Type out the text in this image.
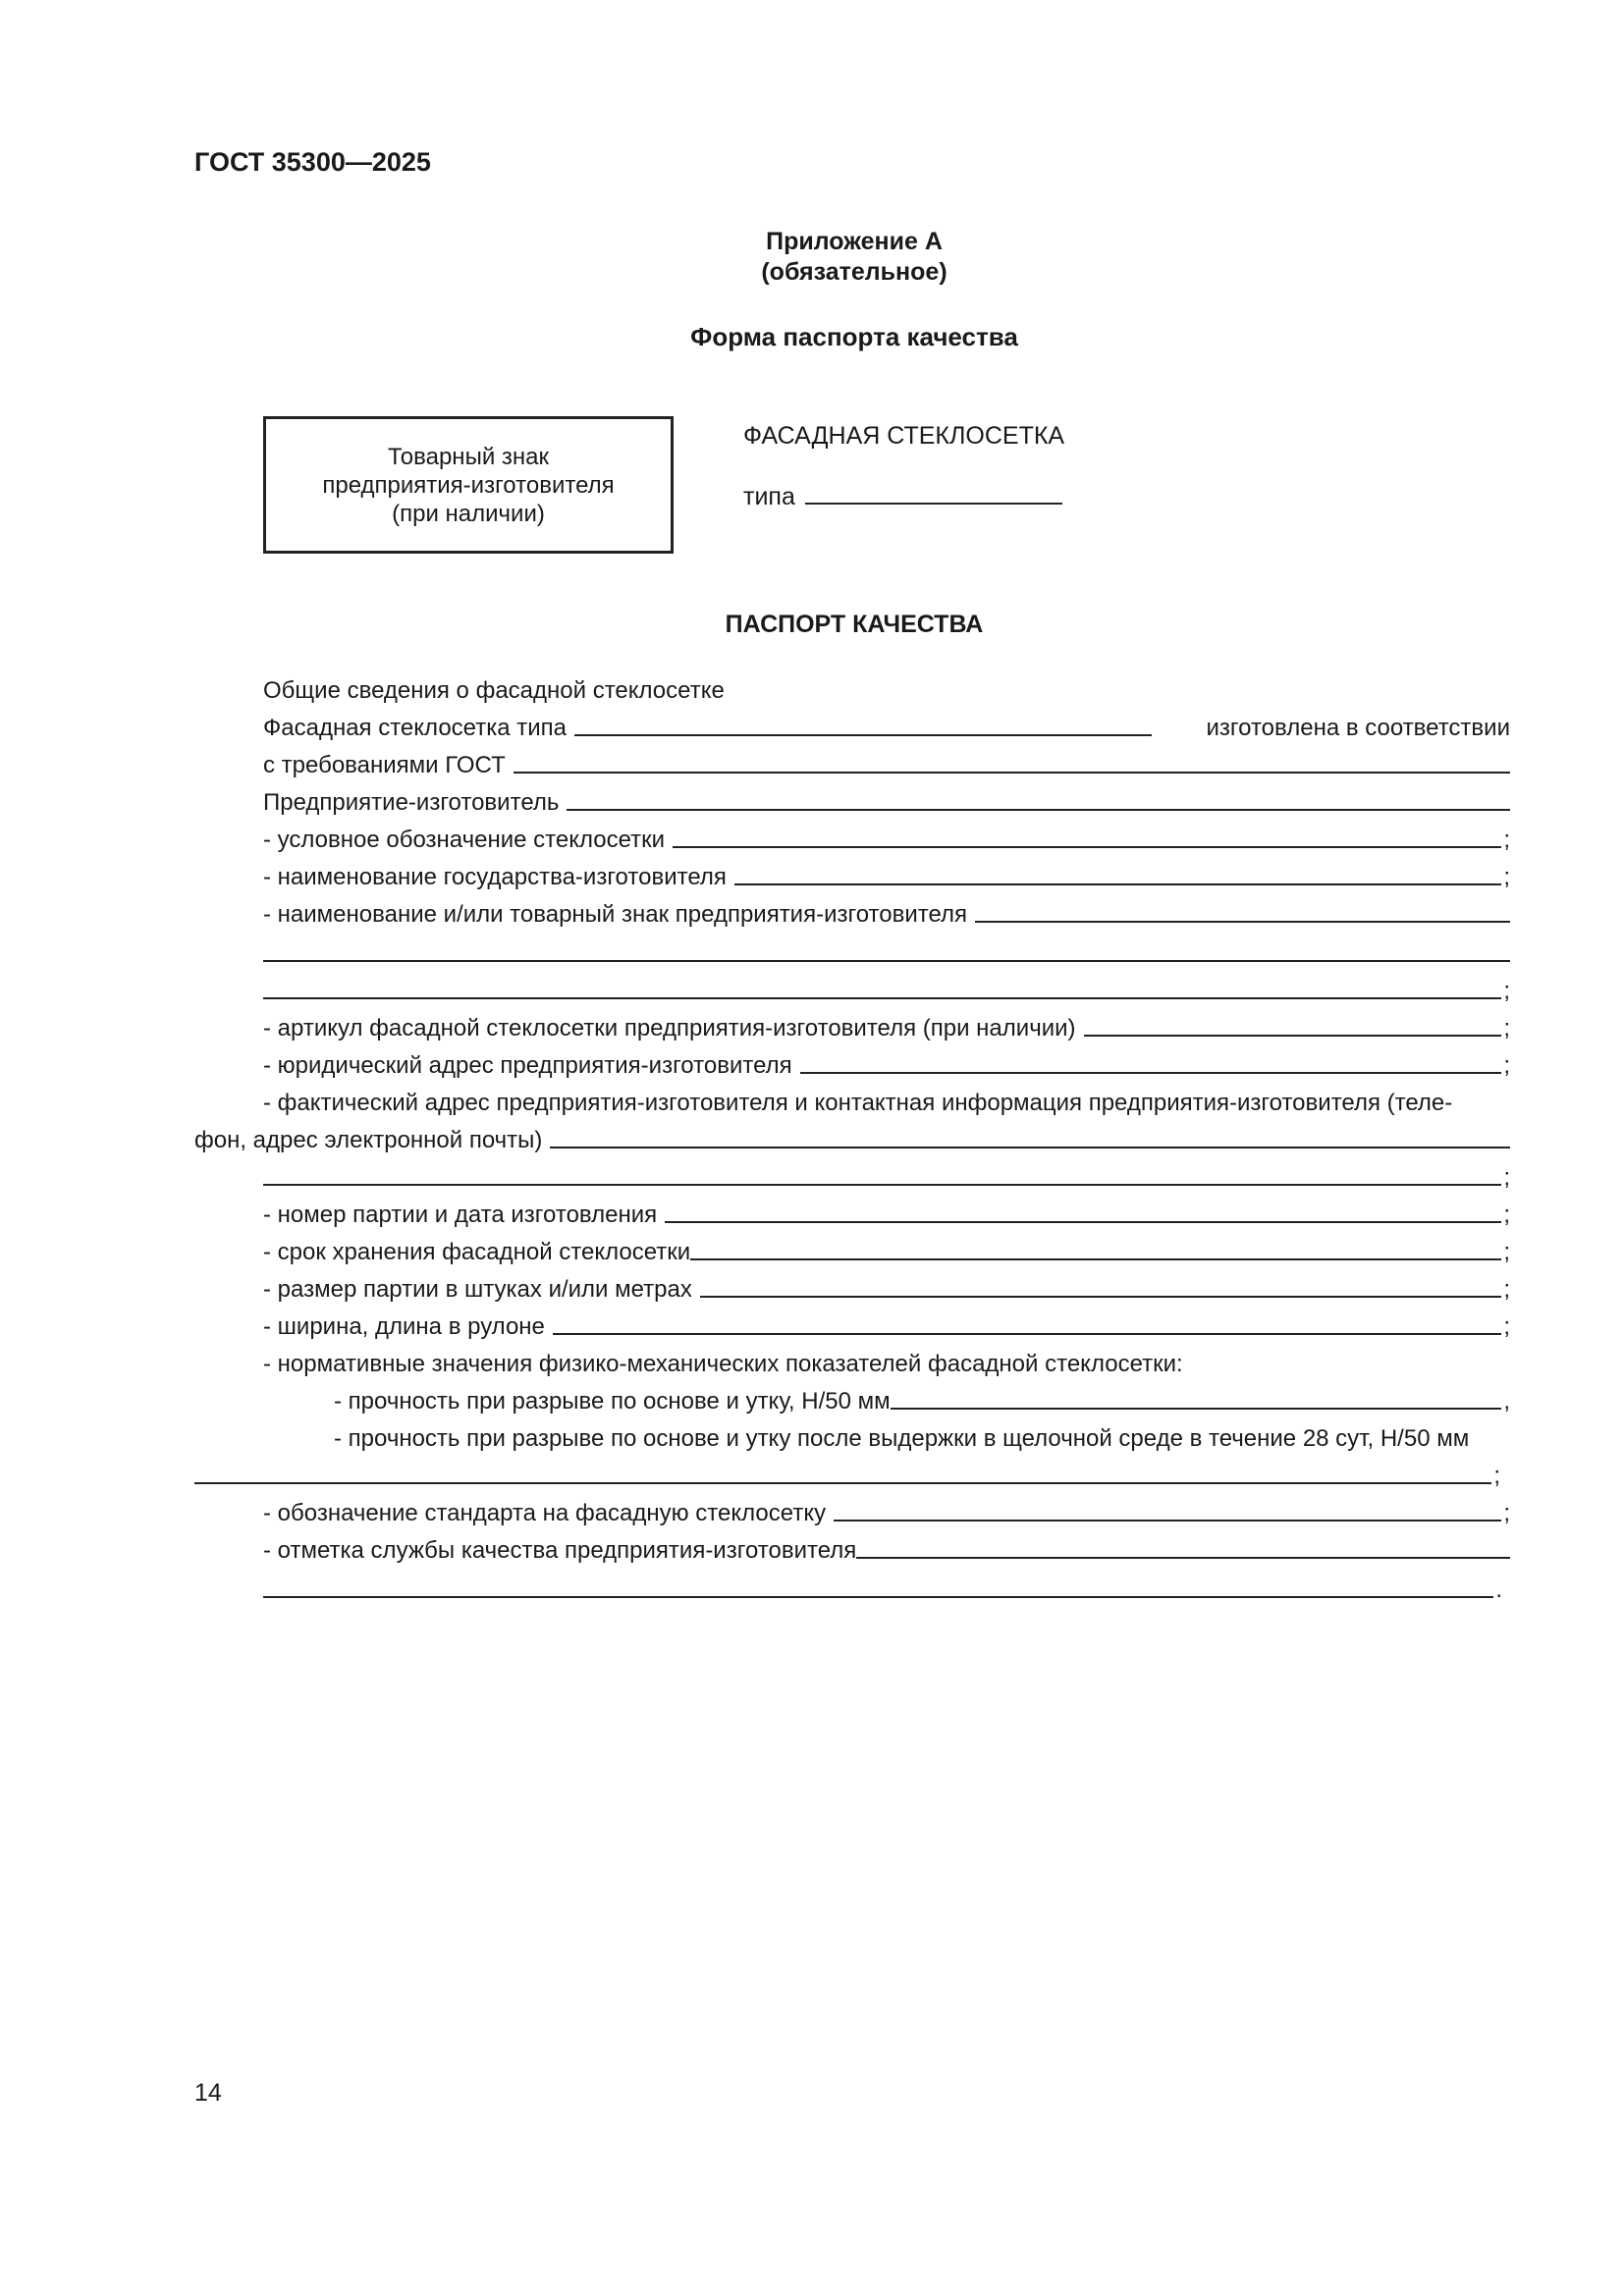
ГОСТ 35300—2025
Приложение А
(обязательное)
Форма паспорта качества
Товарный знак
предприятия-изготовителя
(при наличии)
ФАСАДНАЯ СТЕКЛОСЕТКА
типа
ПАСПОРТ КАЧЕСТВА
Общие сведения о фасадной стеклосетке
Фасадная стеклосетка типа	изготовлена в соответствии
с требованиями ГОСТ
Предприятие-изготовитель
- условное обозначение стеклосетки	;
- наименование государства-изготовителя	;
- наименование и/или товарный знак предприятия-изготовителя
;
- артикул фасадной стеклосетки предприятия-изготовителя (при наличии)	;
- юридический адрес предприятия-изготовителя	;
- фактический адрес предприятия-изготовителя и контактная информация предприятия-изготовителя (теле-
фон, адрес электронной почты)
;
- номер партии и дата изготовления	;
- срок хранения фасадной стеклосетки	;
- размер партии в штуках и/или метрах	;
- ширина, длина в рулоне	;
- нормативные значения физико-механических показателей фасадной стеклосетки:
- прочность при разрыве по основе и утку, Н/50 мм	,
- прочность при разрыве по основе и утку после выдержки в щелочной среде в течение 28 сут, Н/50 мм
;
- обозначение стандарта на фасадную стеклосетку	;
- отметка службы качества предприятия-изготовителя
.
14
